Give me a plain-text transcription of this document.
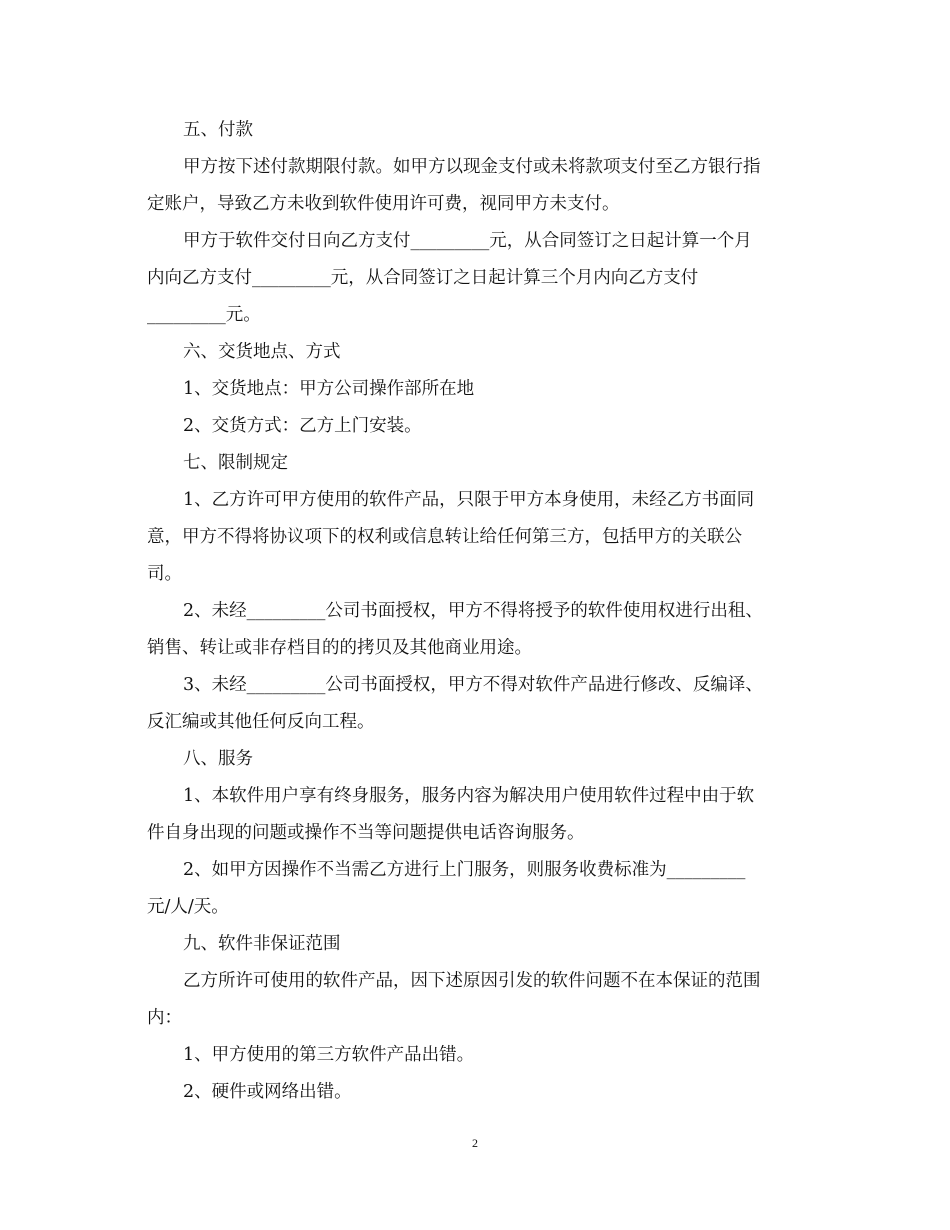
五、付款
甲方按下述付款期限付款。如甲方以现金支付或未将款项支付至乙方银行指
定账户，导致乙方未收到软件使用许可费，视同甲方未支付。
甲方于软件交付日向乙方支付_________元，从合同签订之日起计算一个月
内向乙方支付_________元，从合同签订之日起计算三个月内向乙方支付
_________元。
六、交货地点、方式
1、交货地点：甲方公司操作部所在地
2、交货方式：乙方上门安装。
七、限制规定
1、乙方许可甲方使用的软件产品，只限于甲方本身使用，未经乙方书面同
意，甲方不得将协议项下的权利或信息转让给任何第三方，包括甲方的关联公
司。
2、未经_________公司书面授权，甲方不得将授予的软件使用权进行出租、
销售、转让或非存档目的的拷贝及其他商业用途。
3、未经_________公司书面授权，甲方不得对软件产品进行修改、反编译、
反汇编或其他任何反向工程。
八、服务
1、本软件用户享有终身服务，服务内容为解决用户使用软件过程中由于软
件自身出现的问题或操作不当等问题提供电话咨询服务。
2、如甲方因操作不当需乙方进行上门服务，则服务收费标准为_________
元/人/天。
九、软件非保证范围
乙方所许可使用的软件产品，因下述原因引发的软件问题不在本保证的范围
内：
1、甲方使用的第三方软件产品出错。
2、硬件或网络出错。
2
